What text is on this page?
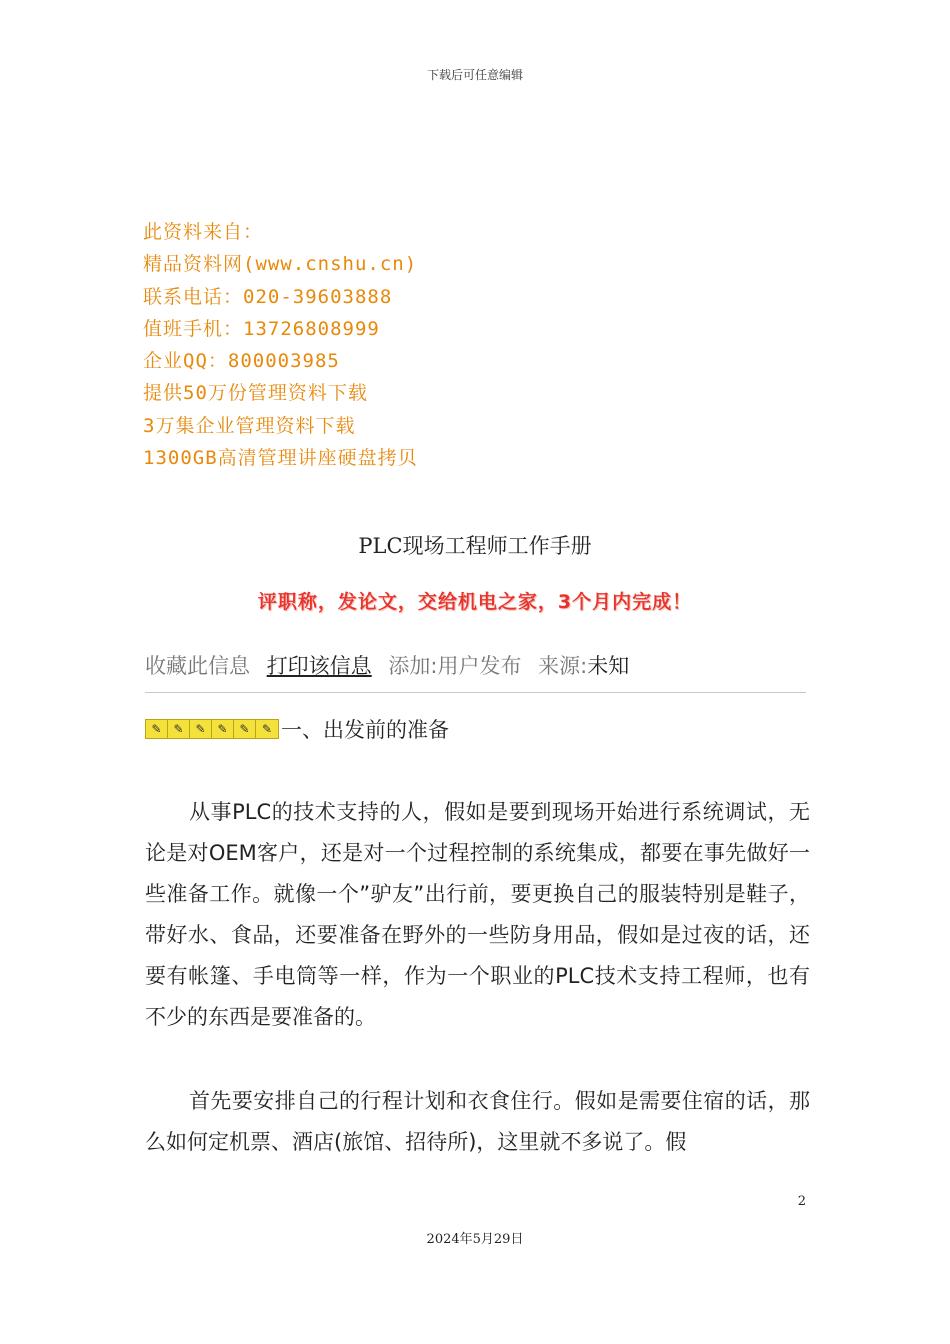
下载后可任意编辑
此资料来自：
精品资料网(www.cnshu.cn)
联系电话：020-39603888
值班手机：13726808999
企业QQ：800003985
提供50万份管理资料下载
3万集企业管理资料下载
1300GB高清管理讲座硬盘拷贝
PLC现场工程师工作手册
评职称，发论文，交给机电之家，3个月内完成！
收藏此信息 打印该信息 添加:用户发布 来源:未知
✎ ✎ ✎ ✎ ✎	✎ 一、出发前的准备

从事PLC的技术支持的人，假如是要到现场开始进行系统调试，无论是对OEM客户，还是对一个过程控制的系统集成，都要在事先做好一些准备工作。就像一个”驴友”出行前，要更换自己的服装特别是鞋子，带好水、食品，还要准备在野外的一些防身用品，假如是过夜的话，还要有帐篷、手电筒等一样，作为一个职业的PLC技术支持工程师，也有不少的东西是要准备的。

首先要安排自己的行程计划和衣食住行。假如是需要住宿的话，那么如何定机票、酒店(旅馆、招待所)，这里就不多说了。假

2
2024年5月29日
